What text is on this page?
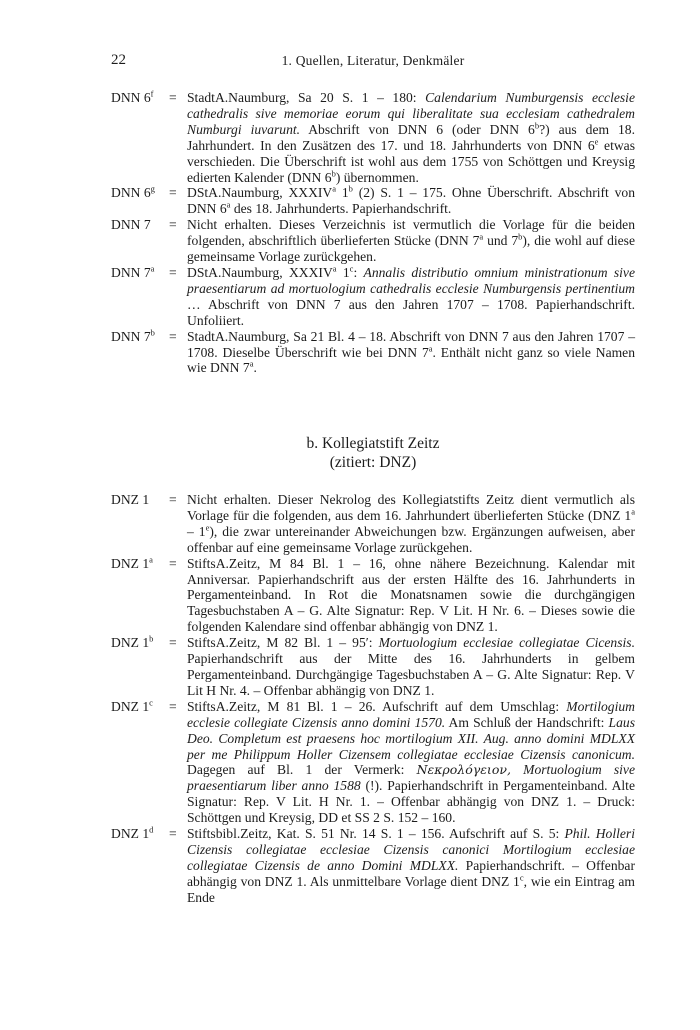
22	1. Quellen, Literatur, Denkmäler
DNN $6^f$ = StadtA.Naumburg, Sa 20 S. 1 – 180: Calendarium Numburgensis ecclesie cathedralis sive memoriae eorum qui liberalitate sua ecclesiam cathedralem Numburgi iuvarunt. Abschrift von DNN 6 (oder DNN 6$^b$?) aus dem 18. Jahrhundert. In den Zusätzen des 17. und 18. Jahrhunderts von DNN 6e etwas verschieden. Die Überschrift ist wohl aus dem 1755 von Schöttgen und Kreysig edierten Kalender (DNN 6$^b$) übernommen.
DNN $6^g$ = DStA.Naumburg, XXXIV$^a$ 1$^b$ (2) S. 1 – 175. Ohne Überschrift. Abschrift von DNN 6$^a$ des 18. Jahrhunderts. Papierhandschrift.
DNN 7 = Nicht erhalten. Dieses Verzeichnis ist vermutlich die Vorlage für die beiden folgenden, abschriftlich überlieferten Stücke (DNN 7$^a$ und 7$^b$), die wohl auf diese gemeinsame Vorlage zurückgehen.
DNN $7^a$ = DStA.Naumburg, XXXIV$^a$ 1$^c$: Annalis distributio omnium ministrationum sive praesentiarum ad mortuologium cathedralis ecclesie Numburgensis pertinentium … Abschrift von DNN 7 aus den Jahren 1707 – 1708. Papierhandschrift. Unfoliiert.
DNN $7^b$ = StadtA.Naumburg, Sa 21 Bl. 4 – 18. Abschrift von DNN 7 aus den Jahren 1707 – 1708. Dieselbe Überschrift wie bei DNN 7$^a$. Enthält nicht ganz so viele Namen wie DNN 7$^a$.
b. Kollegiatstift Zeitz
(zitiert: DNZ)
DNZ 1 = Nicht erhalten. Dieser Nekrolog des Kollegiatstifts Zeitz dient vermutlich als Vorlage für die folgenden, aus dem 16. Jahrhundert überlieferten Stücke (DNZ 1$^a$ – 1e), die zwar untereinander Abweichungen bzw. Ergänzungen aufweisen, aber offenbar auf eine gemeinsame Vorlage zurückgehen.
DNZ $1^a$ = StiftsA.Zeitz, M 84 Bl. 1 – 16, ohne nähere Bezeichnung. Kalendar mit Anniversar. Papierhandschrift aus der ersten Hälfte des 16. Jahrhunderts in Pergamenteinband. In Rot die Monatsnamen sowie die durchgängigen Tagesbuchstaben A – G. Alte Signatur: Rep. V Lit. H Nr. 6. – Dieses sowie die folgenden Kalendare sind offenbar abhängig von DNZ 1.
DNZ $1^b$ = StiftsA.Zeitz, M 82 Bl. 1 – 95′: Mortuologium ecclesiae collegiatae Cicensis. Papierhandschrift aus der Mitte des 16. Jahrhunderts in gelbem Pergamenteinband. Durchgängige Tagesbuchstaben A – G. Alte Signatur: Rep. V Lit H Nr. 4. – Offenbar abhängig von DNZ 1.
DNZ $1^c$ = StiftsA.Zeitz, M 81 Bl. 1 – 26. Aufschrift auf dem Umschlag: Mortilogium ecclesie collegiate Cizensis anno domini 1570. Am Schluß der Handschrift: Laus Deo. Completum est praesens hoc mortilogium XII. Aug. anno domini MDLXX per me Philippum Holler Cizensem collegiatae ecclesiae Cizensis canonicum. Dagegen auf Bl. 1 der Vermerk: Νεκρολόγειον, Mortuologium sive praesentiarum liber anno 1588 (!). Papierhandschrift in Pergamenteinband. Alte Signatur: Rep. V Lit. H Nr. 1. – Offenbar abhängig von DNZ 1. – Druck: Schöttgen und Kreysig, DD et SS 2 S. 152 – 160.
DNZ $1^d$ = Stiftsbibl.Zeitz, Kat. S. 51 Nr. 14 S. 1 – 156. Aufschrift auf S. 5: Phil. Holleri Cizensis collegiatae ecclesiae Cizensis canonici Mortilogium ecclesiae collegiatae Cizensis de anno Domini MDLXX. Papierhandschrift. – Offenbar abhängig von DNZ 1. Als unmittelbare Vorlage dient DNZ 1$^c$, wie ein Eintrag am Ende
